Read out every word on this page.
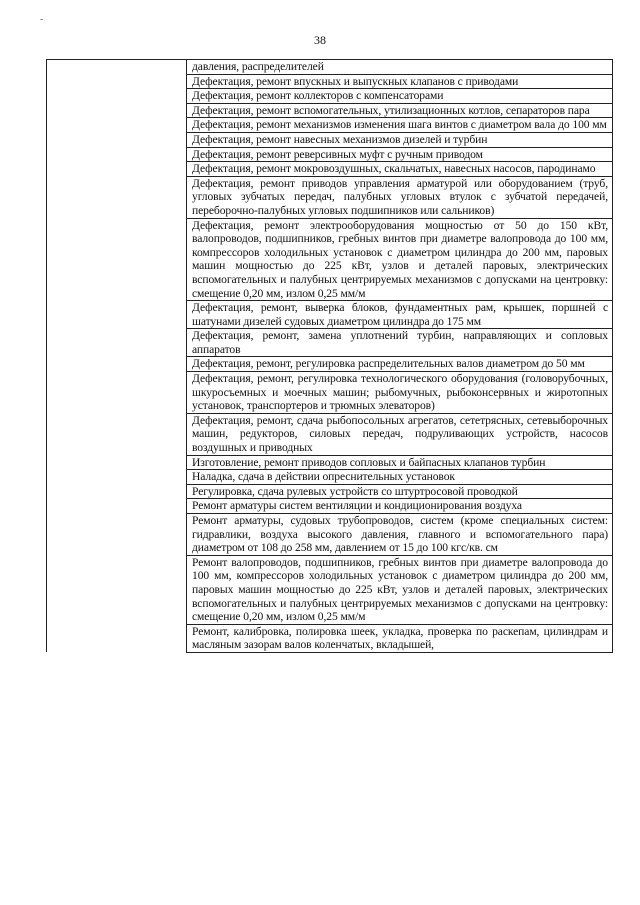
-
38
	давления, распределителей
Дефектация, ремонт впускных и выпускных клапанов с приводами
Дефектация, ремонт коллекторов с компенсаторами
Дефектация, ремонт вспомогательных, утилизационных котлов, сепараторов пара
Дефектация, ремонт механизмов изменения шага винтов с диаметром вала до 100 мм
Дефектация, ремонт навесных механизмов дизелей и турбин
Дефектация, ремонт реверсивных муфт с ручным приводом
Дефектация, ремонт мокровоздушных, скальчатых, навесных насосов, пародинамо
Дефектация, ремонт приводов управления арматурой или оборудованием (труб, угловых зубчатых передач, палубных угловых втулок с зубчатой передачей, переборочно-палубных угловых подшипников или сальников)
Дефектация, ремонт электрооборудования мощностью от 50 до 150 кВт, валопроводов, подшипников, гребных винтов при диаметре валопровода до 100 мм, компрессоров холодильных установок с диаметром цилиндра до 200 мм, паровых машин мощностью до 225 кВт, узлов и деталей паровых, электрических вспомогательных и палубных центрируемых механизмов с допусками на центровку: смещение 0,20 мм, излом 0,25 мм/м
Дефектация, ремонт, выверка блоков, фундаментных рам, крышек, поршней с шатунами дизелей судовых диаметром цилиндра до 175 мм
Дефектация, ремонт, замена уплотнений турбин, направляющих и сопловых аппаратов
Дефектация, ремонт, регулировка распределительных валов диаметром до 50 мм
Дефектация, ремонт, регулировка технологического оборудования (головорубочных, шкуросъемных и моечных машин; рыбомучных, рыбоконсервных и жиротопных установок, транспортеров и трюмных элеваторов)
Дефектация, ремонт, сдача рыбопосольных агрегатов, сететрясных, сетевыборочных машин, редукторов, силовых передач, подруливающих устройств, насосов воздушных и приводных
Изготовление, ремонт приводов сопловых и байпасных клапанов турбин
Наладка, сдача в действии опреснительных установок
Регулировка, сдача рулевых устройств со штуртросовой проводкой
Ремонт арматуры систем вентиляции и кондиционирования воздуха
Ремонт арматуры, судовых трубопроводов, систем (кроме специальных систем: гидравлики, воздуха высокого давления, главного и вспомогательного пара) диаметром от 108 до 258 мм, давлением от 15 до 100 кгс/кв. см
Ремонт валопроводов, подшипников, гребных винтов при диаметре валопровода до 100 мм, компрессоров холодильных установок с диаметром цилиндра до 200 мм, паровых машин мощностью до 225 кВт, узлов и деталей паровых, электрических вспомогательных и палубных центрируемых механизмов с допусками на центровку: смещение 0,20 мм, излом 0,25 мм/м
Ремонт, калибровка, полировка шеек, укладка, проверка по раскепам, цилиндрам и масляным зазорам валов коленчатых, вкладышей,
